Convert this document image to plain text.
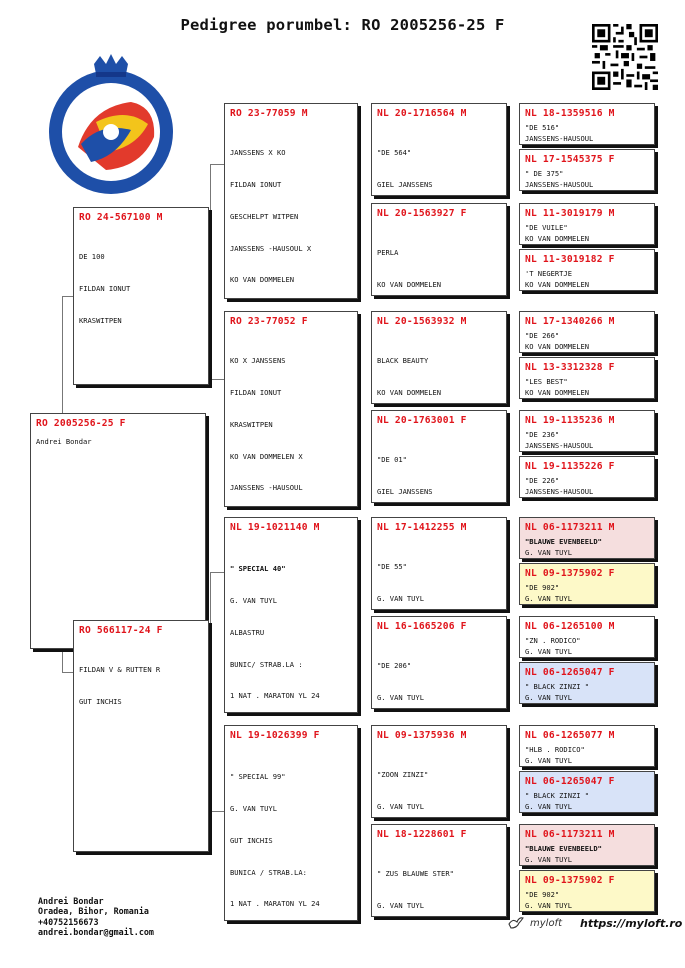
Pedigree porumbel: RO 2005256-25 F
RO 2005256-25 F
Andrei Bondar
RO 24-567100 M

DE 100

FILDAN IONUT

KRASWITPEN

RO 566117-24 F

FILDAN V & RUTTEN R

GUT INCHIS

RO 23-77059 M

JANSSENS X KO

FILDAN IONUT

GESCHELPT WITPEN

JANSSENS -HAUSOUL X

KO VAN DOMMELEN

RO 23-77052 F

KO X JANSSENS

FILDAN IONUT

KRASWITPEN

KO VAN DOMMELEN X

JANSSENS -HAUSOUL

NL 19-1021140 M

" SPECIAL 40"

G. VAN TUYL

ALBASTRU

BUNIC/ STRAB.LA :

1 NAT . MARATON YL 24

NL 19-1026399 F

" SPECIAL 99"

G. VAN TUYL

GUT INCHIS

BUNICA / STRAB.LA:

1 NAT . MARATON YL 24

NL 20-1716564 M

"DE 564"

GIEL JANSSENS

NL 20-1563927 F

PERLA

KO VAN DOMMELEN

NL 20-1563932 M

BLACK BEAUTY

KO VAN DOMMELEN

NL 20-1763001 F

"DE 01"

GIEL JANSSENS

NL 17-1412255 M

"DE 55"

G. VAN TUYL

NL 16-1665206 F

"DE 206"

G. VAN TUYL

NL 09-1375936 M

"ZOON ZINZI"

G. VAN TUYL

NL 18-1228601 F

" ZUS BLAUWE STER"

G. VAN TUYL

NL 18-1359516 M
"DE 516"
JANSSENS-HAUSOUL
NL 17-1545375 F
" DE 375"
JANSSENS-HAUSOUL
NL 11-3019179 M
"DE VUILE"
KO VAN DOMMELEN
NL 11-3019182 F
'T NEGERTJE
KO VAN DOMMELEN
NL 17-1340266 M
"DE 266"
KO VAN DOMMELEN
NL 13-3312328 F
"LES BEST"
KO VAN DOMMELEN
NL 19-1135236 M
"DE 236"
JANSSENS-HAUSOUL
NL 19-1135226 F
"DE 226"
JANSSENS-HAUSOUL
NL 06-1173211 M
"BLAUWE EVENBEELD"
G. VAN TUYL
NL 09-1375902 F
"DE 902"
G. VAN TUYL
NL 06-1265100 M
"ZN . RODICO"
G. VAN TUYL
NL 06-1265047 F
" BLACK ZINZI "
G. VAN TUYL
NL 06-1265077 M
"HLB . RODICO"
G. VAN TUYL
NL 06-1265047 F
" BLACK ZINZI "
G. VAN TUYL
NL 06-1173211 M
"BLAUWE EVENBEELD"
G. VAN TUYL
NL 09-1375902 F
"DE 902"
G. VAN TUYL
Andrei Bondar
Oradea, Bihor, Romania
+40752156673
andrei.bondar@gmail.com
myloft https://myloft.ro
